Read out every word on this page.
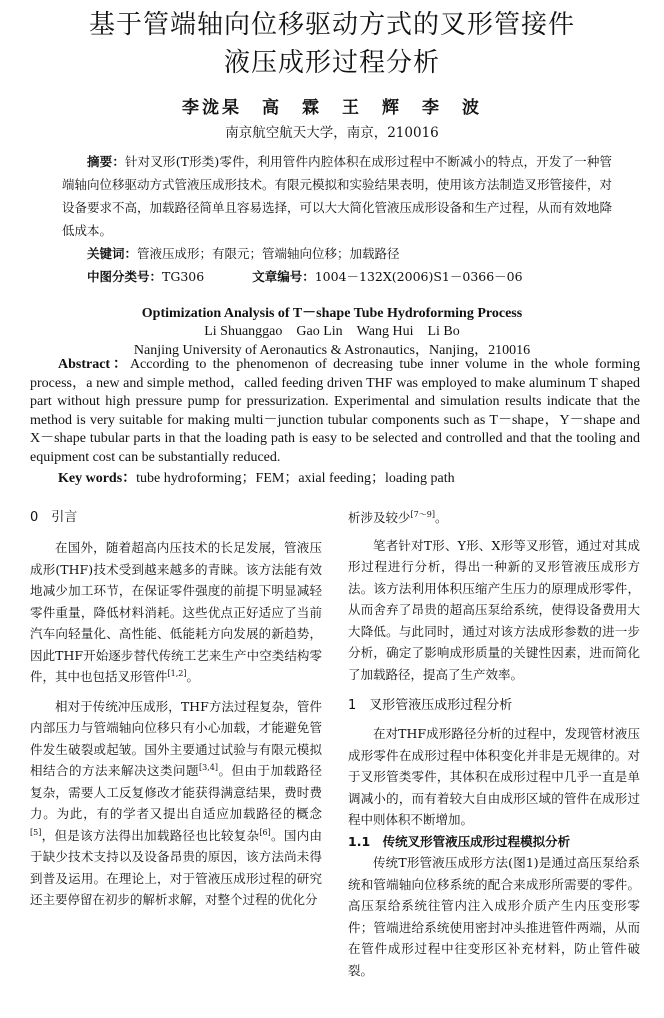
基于管端轴向位移驱动方式的叉形管接件
液压成形过程分析
李泷杲　高　霖　王　辉　李　波
南京航空航天大学，南京，210016

摘要：针对叉形(T形类)零件，利用管件内腔体积在成形过程中不断减小的特点，开发了一种管端轴向位移驱动方式管液压成形技术。有限元模拟和实验结果表明，使用该方法制造叉形管接件，对设备要求不高，加载路径简单且容易选择，可以大大简化管液压成形设备和生产过程，从而有效地降低成本。

关键词：管液压成形；有限元；管端轴向位移；加载路径
中图分类号：TG306	文章编号：1004－132X(2006)S1－0366－06
Optimization Analysis of T－shape Tube Hydroforming Process
Li Shuanggao　Gao Lin　Wang Hui　Li Bo
Nanjing University of Aeronautics & Astronautics，Nanjing，210016

Abstract：According to the phenomenon of decreasing tube inner volume in the whole forming process，a new and simple method，called feeding driven THF was employed to make aluminum T shaped part without high pressure pump for pressurization. Experimental and simulation results indicate that the method is very suitable for making multi－junction tubular components such as T－shape，Y－shape and X－shape tubular parts in that the loading path is easy to be selected and controlled and that the tooling and equipment cost can be substantially reduced.

Key words：tube hydroforming；FEM；axial feeding；loading path
0　引言

在国外，随着超高内压技术的长足发展，管液压成形(THF)技术受到越来越多的青睐。该方法能有效地减少加工环节，在保证零件强度的前提下明显减轻零件重量，降低材料消耗。这些优点正好适应了当前汽车向轻量化、高性能、低能耗方向发展的新趋势，因此THF开始逐步替代传统工艺来生产中空类结构零件，其中也包括叉形管件[1,2]。

相对于传统冲压成形，THF方法过程复杂，管件内部压力与管端轴向位移只有小心加载，才能避免管件发生破裂或起皱。国外主要通过试验与有限元模拟相结合的方法来解决这类问题[3,4]。但由于加载路径复杂，需要人工反复修改才能获得满意结果，费时费力。为此，有的学者又提出自适应加载路径的概念[5]，但是该方法得出加载路径也比较复杂[6]。国内由于缺少技术支持以及设备昂贵的原因，该方法尚未得到普及运用。在理论上，对于管液压成形过程的研究还主要停留在初步的解析求解，对整个过程的优化分

析涉及较少[7～9]。

笔者针对T形、Y形、X形等叉形管，通过对其成形过程进行分析，得出一种新的叉形管液压成形方法。该方法利用体积压缩产生压力的原理成形零件，从而舍弃了昂贵的超高压泵给系统，使得设备费用大大降低。与此同时，通过对该方法成形参数的进一步分析，确定了影响成形质量的关键性因素，进而简化了加载路径，提高了生产效率。

1　叉形管液压成形过程分析

在对THF成形路径分析的过程中，发现管材液压成形零件在成形过程中体积变化并非是无规律的。对于叉形管类零件，其体积在成形过程中几乎一直是单调减小的，而有着较大自由成形区域的管件在成形过程中则体积不断增加。

1.1　传统叉形管液压成形过程模拟分析

传统T形管液压成形方法(图1)是通过高压泵给系统和管端轴向位移系统的配合来成形所需要的零件。高压泵给系统往管内注入成形介质产生内压变形零件；管端进给系统使用密封冲头推进管件两端，从而在管件成形过程中往变形区补充材料，防止管件破裂。
